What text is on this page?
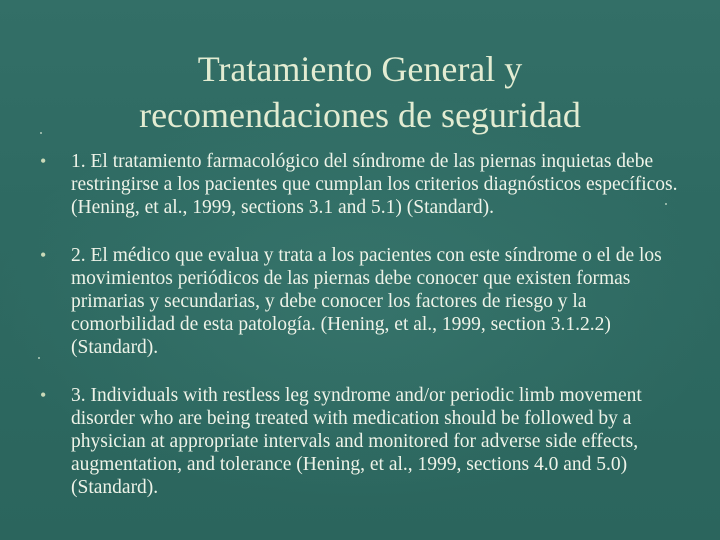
Tratamiento General y
recomendaciones de seguridad
• 1. El tratamiento farmacológico del síndrome de las piernas inquietas debe restringirse a los pacientes que cumplan los criterios diagnósticos específicos. (Hening, et al., 1999, sections 3.1 and 5.1) (Standard).
• 2. El médico que evalua y trata a los pacientes con este síndrome o el de los movimientos periódicos de las piernas debe conocer que existen formas primarias y secundarias, y debe conocer los factores de riesgo y la comorbilidad de esta patología. (Hening, et al., 1999, section 3.1.2.2) (Standard).
• 3. Individuals with restless leg syndrome and/or periodic limb movement disorder who are being treated with medication should be followed by a physician at appropriate intervals and monitored for adverse side effects, augmentation, and tolerance (Hening, et al., 1999, sections 4.0 and 5.0) (Standard).
